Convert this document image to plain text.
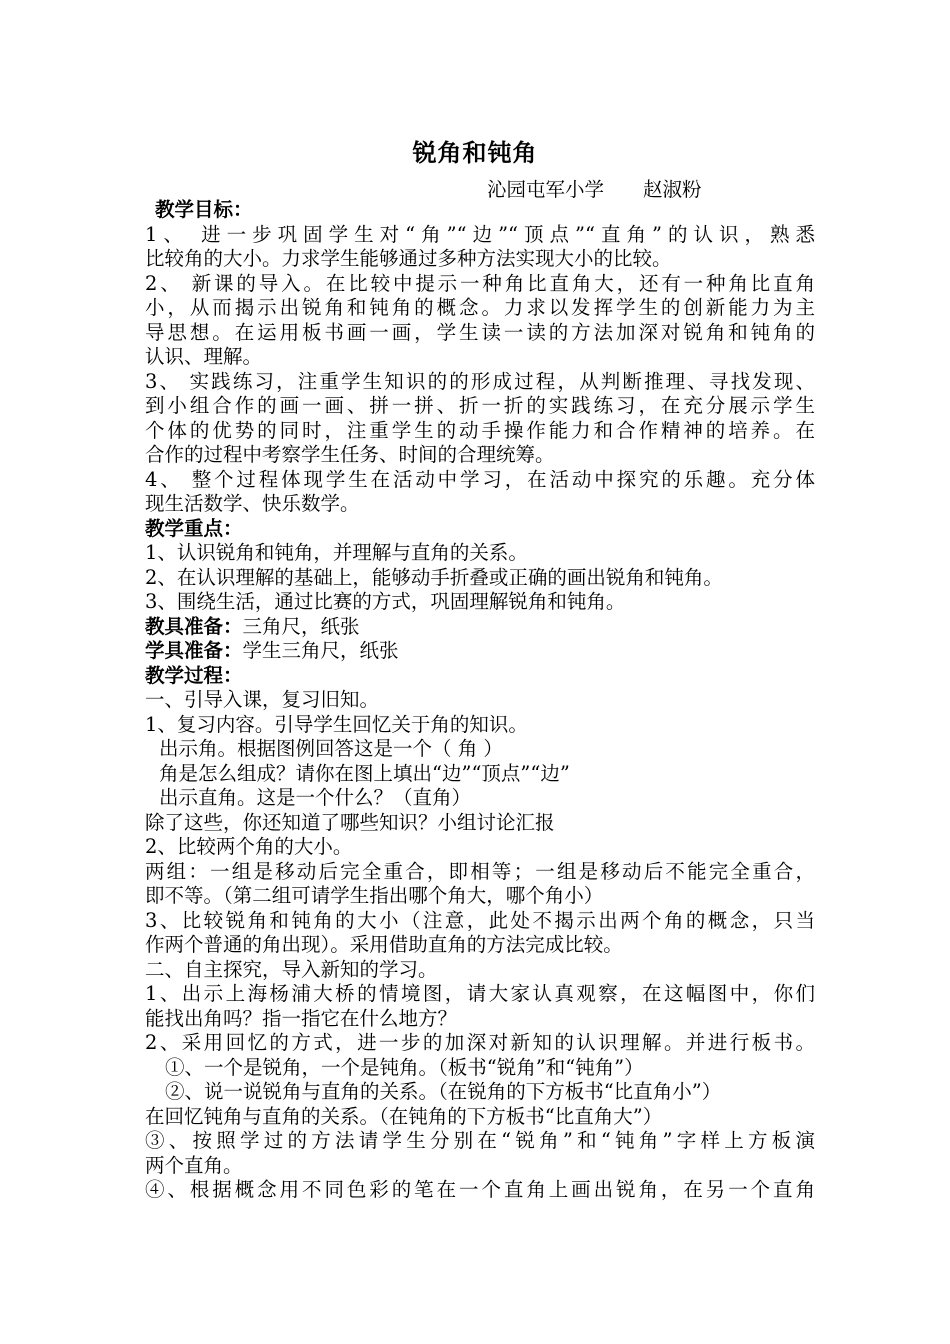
锐角和钝角
沁园屯军小学　　赵淑粉
教学目标：
1、 进一步巩固学生对“角”“边”“顶点”“直角”的认识，熟悉
比较角的大小。力求学生能够通过多种方法实现大小的比较。
2、 新课的导入。在比较中提示一种角比直角大，还有一种角比直角
小，从而揭示出锐角和钝角的概念。力求以发挥学生的创新能力为主
导思想。在运用板书画一画，学生读一读的方法加深对锐角和钝角的
认识、理解。
3、 实践练习，注重学生知识的的形成过程，从判断推理、寻找发现、
到小组合作的画一画、拼一拼、折一折的实践练习，在充分展示学生
个体的优势的同时，注重学生的动手操作能力和合作精神的培养。在
合作的过程中考察学生任务、时间的合理统筹。
4、 整个过程体现学生在活动中学习，在活动中探究的乐趣。充分体
现生活数学、快乐数学。
教学重点：
1、认识锐角和钝角，并理解与直角的关系。
2、在认识理解的基础上，能够动手折叠或正确的画出锐角和钝角。
3、围绕生活，通过比赛的方式，巩固理解锐角和钝角。
教具准备：三角尺，纸张
学具准备：学生三角尺，纸张
教学过程：
一、引导入课，复习旧知。
1、复习内容。引导学生回忆关于角的知识。
出示角。根据图例回答这是一个（ 角 ）
角是怎么组成？请你在图上填出“边”“顶点”“边”
出示直角。这是一个什么？（直角）
除了这些，你还知道了哪些知识？小组讨论汇报
2、比较两个角的大小。
两组：一组是移动后完全重合，即相等；一组是移动后不能完全重合，
即不等。（第二组可请学生指出哪个角大，哪个角小）
3、比较锐角和钝角的大小（注意，此处不揭示出两个角的概念，只当
作两个普通的角出现）。采用借助直角的方法完成比较。
二、自主探究，导入新知的学习。
1、出示上海杨浦大桥的情境图，请大家认真观察，在这幅图中，你们
能找出角吗？指一指它在什么地方？
2、采用回忆的方式，进一步的加深对新知的认识理解。并进行板书。
①、一个是锐角，一个是钝角。（板书“锐角”和“钝角”）
②、说一说锐角与直角的关系。（在锐角的下方板书“比直角小”）
在回忆钝角与直角的关系。（在钝角的下方板书“比直角大”）
③、按照学过的方法请学生分别在“锐角”和“钝角”字样上方板演
两个直角。
④、根据概念用不同色彩的笔在一个直角上画出锐角，在另一个直角
